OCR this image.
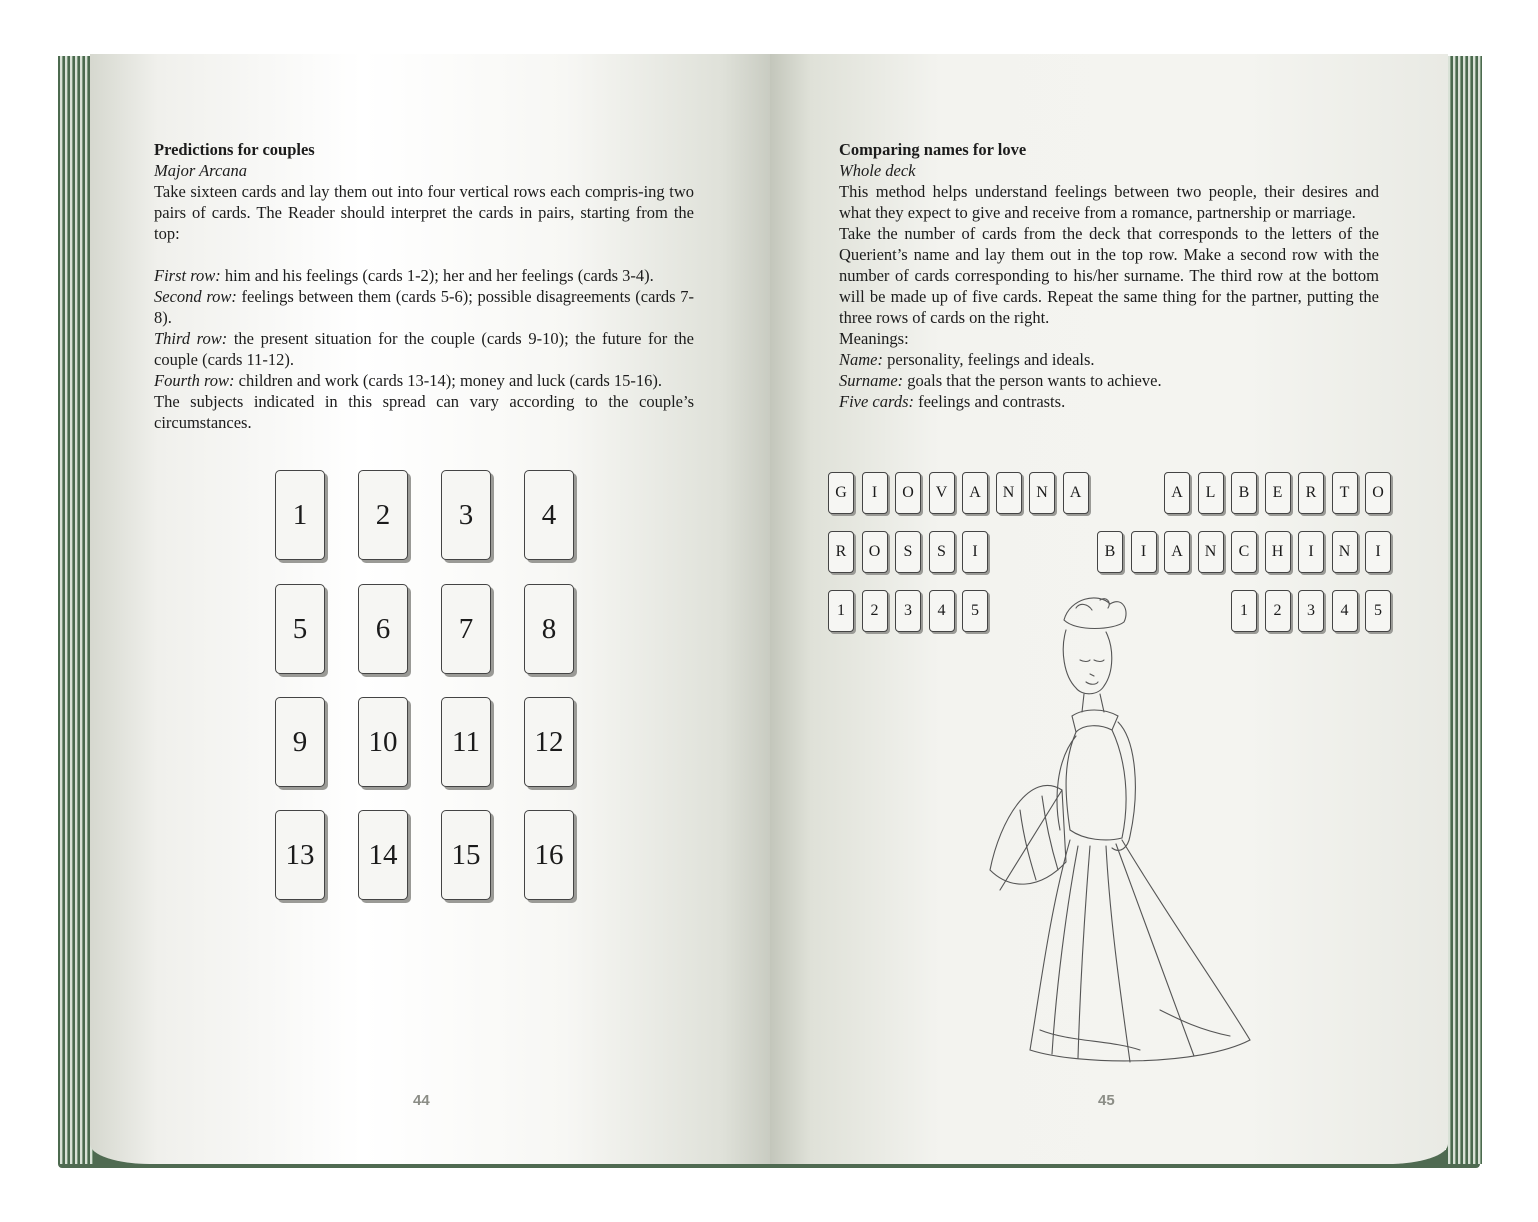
Predictions for couples

Major Arcana

Take sixteen cards and lay them out into four vertical rows each compris-ing two pairs of cards. The Reader should interpret the cards in pairs, starting from the top:

First row: him and his feelings (cards 1-2); her and her feelings (cards 3-4).

Second row: feelings between them (cards 5-6); possible disagreements (cards 7-8).

Third row: the present situation for the couple (cards 9-10); the future for the couple (cards 11-12).

Fourth row: children and work (cards 13-14); money and luck (cards 15-16).

The subjects indicated in this spread can vary according to the couple’s circumstances.

1	2	3	4
5	6	7	8
9	10	11	12
13	14	15	16
44

Comparing names for love

Whole deck

This method helps understand feelings between two people, their desires and what they expect to give and receive from a romance, partnership or marriage.

Take the number of cards from the deck that corresponds to the letters of the Querient’s name and lay them out in the top row. Make a second row with the number of cards corresponding to his/her surname. The third row at the bottom will be made up of five cards. Repeat the same thing for the partner, putting the three rows of cards on the right.

Meanings:

Name: personality, feelings and ideals.

Surname: goals that the person wants to achieve.

Five cards: feelings and contrasts.

G	I	O	V	A	N	N	A
R	O	S	S	I
1	2	3	4	5
A	L	B	E	R	T	O
B	I	A	N	C	H	I	N	I
1	2	3	4	5
45
